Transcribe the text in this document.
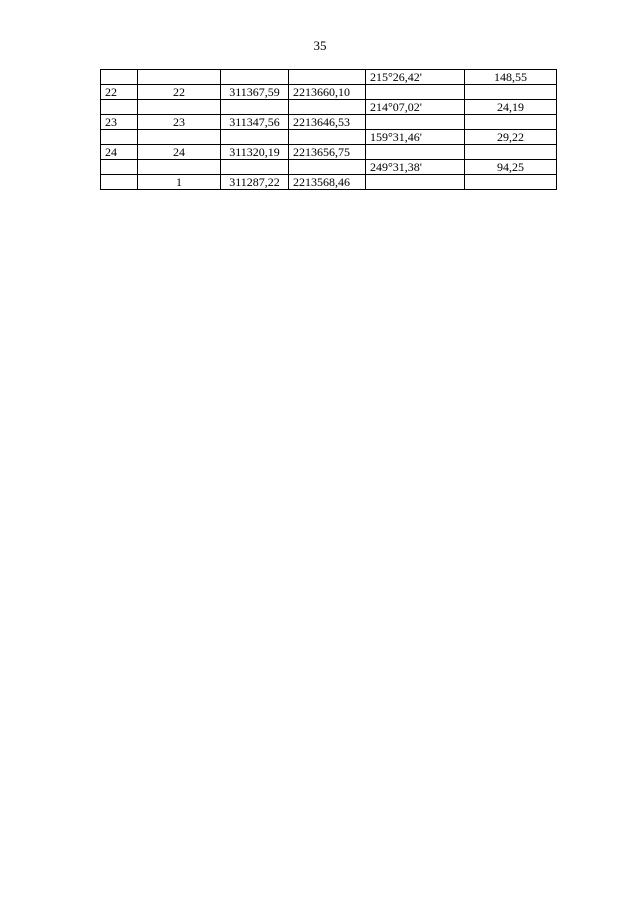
35
				215°26,42'	148,55
22	22	311367,59	2213660,10		
				214°07,02'	24,19
23	23	311347,56	2213646,53		
				159°31,46'	29,22
24	24	311320,19	2213656,75		
				249°31,38'	94,25
	1	311287,22	2213568,46		
